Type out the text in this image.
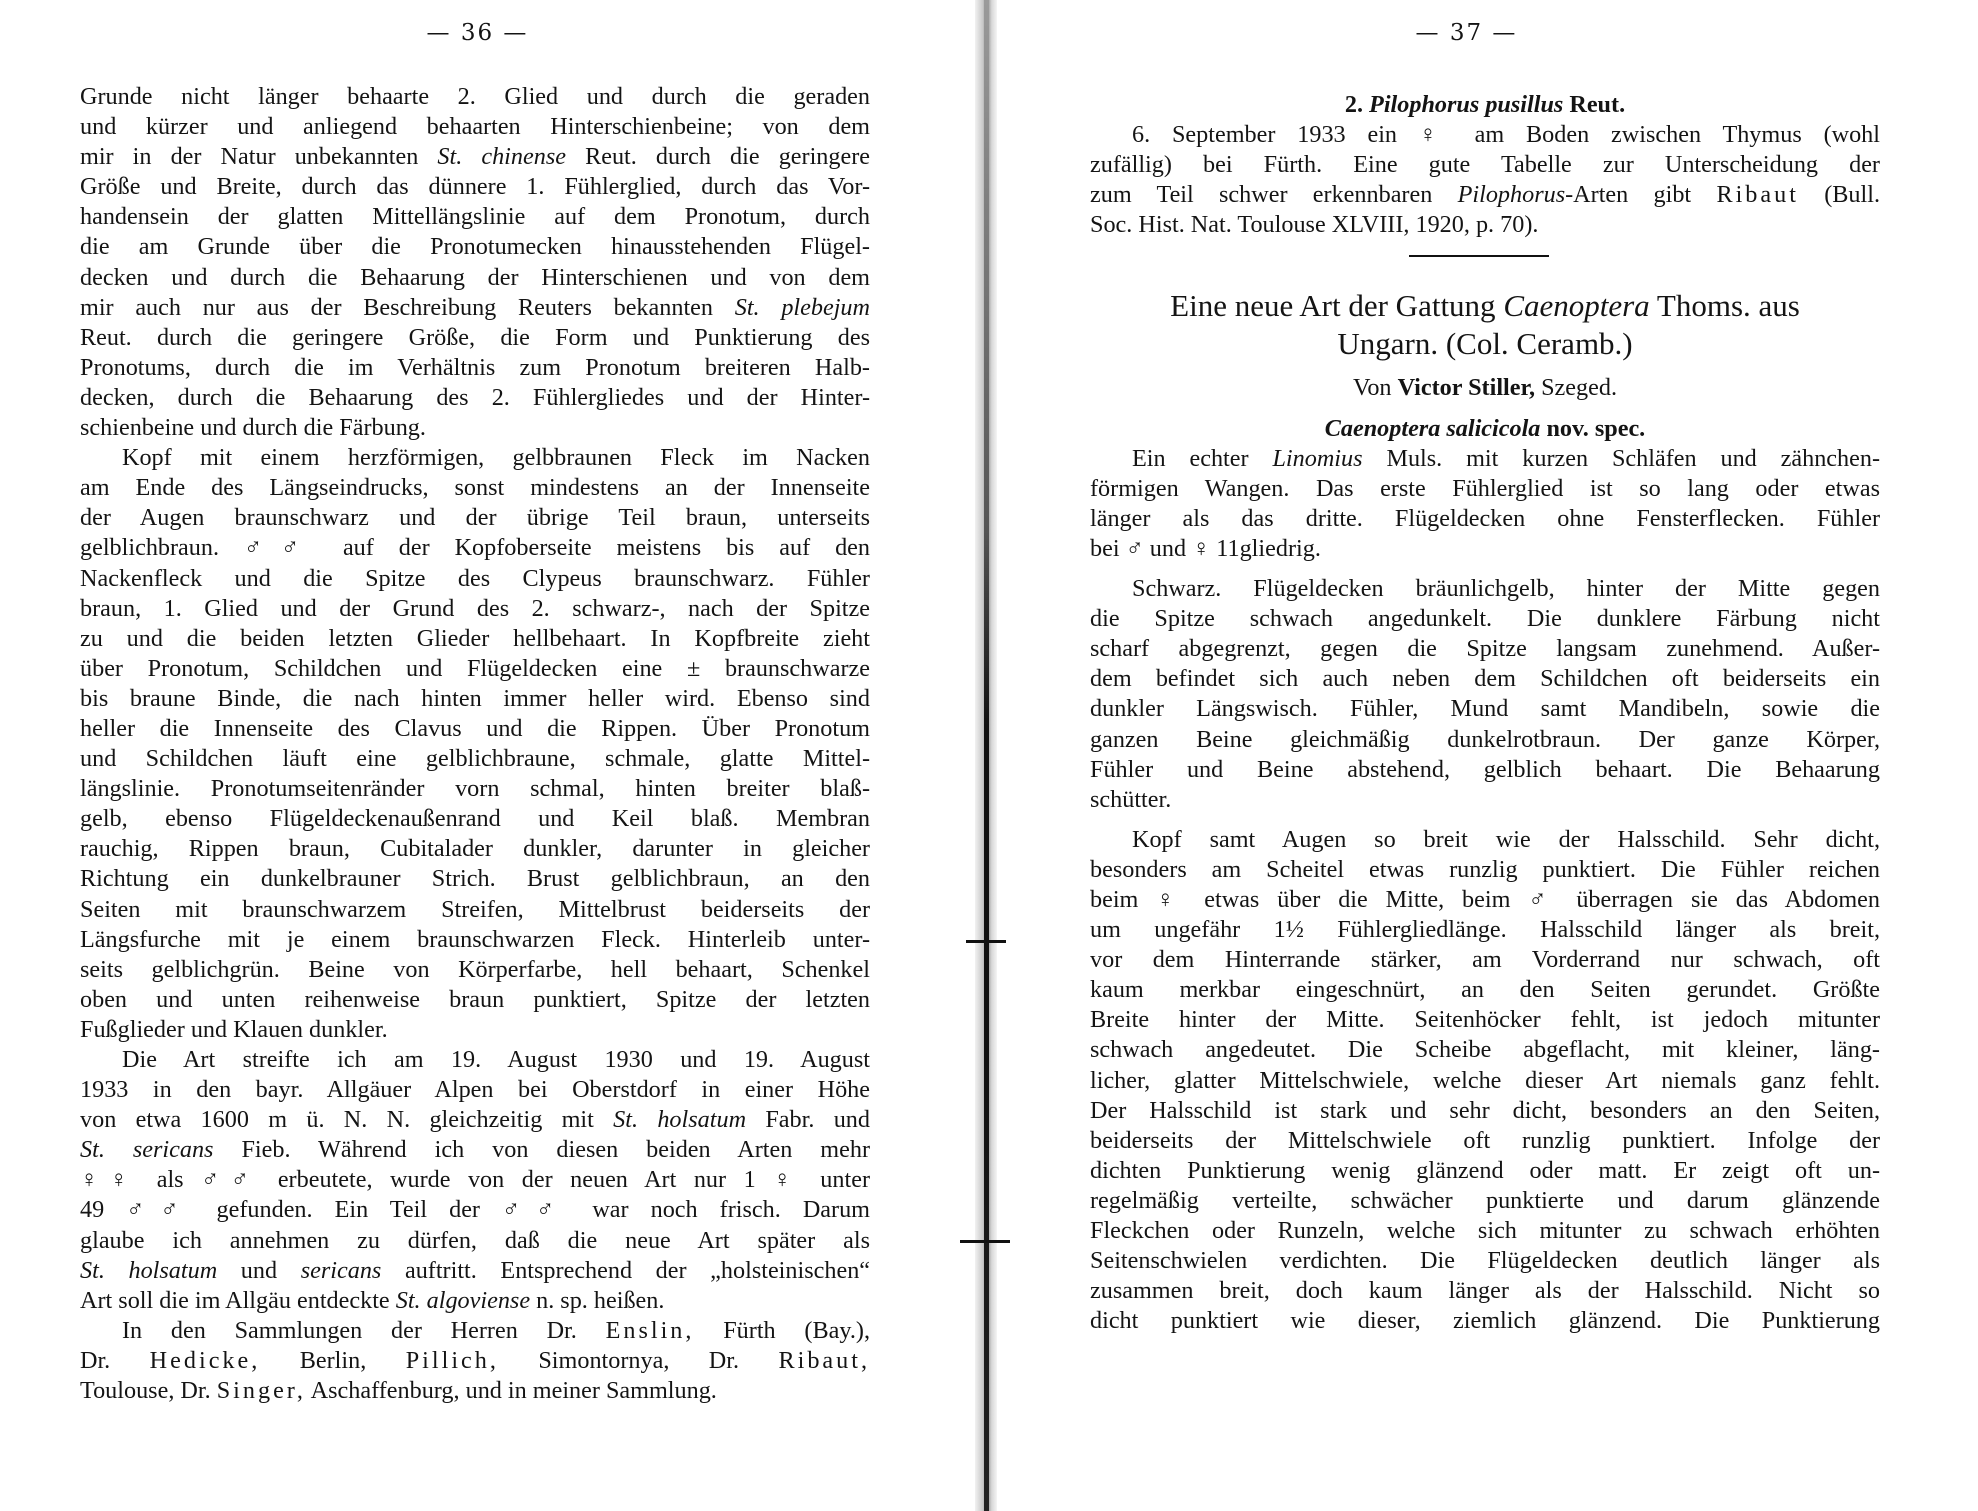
— 36 —
Grunde nicht länger behaarte 2. Glied und durch die geraden
und kürzer und anliegend behaarten Hinterschienbeine; von dem
mir in der Natur unbekannten St. chinense Reut. durch die geringere
Größe und Breite, durch das dünnere 1. Fühlerglied, durch das Vor-
handensein der glatten Mittellängslinie auf dem Pronotum, durch
die am Grunde über die Pronotumecken hinausstehenden Flügel-
decken und durch die Behaarung der Hinterschienen und von dem
mir auch nur aus der Beschreibung Reuters bekannten St. plebejum
Reut. durch die geringere Größe, die Form und Punktierung des
Pronotums, durch die im Verhältnis zum Pronotum breiteren Halb-
decken, durch die Behaarung des 2. Fühlergliedes und der Hinter-
schienbeine und durch die Färbung.
Kopf mit einem herzförmigen, gelbbraunen Fleck im Nacken
am Ende des Längseindrucks, sonst mindestens an der Innenseite
der Augen braunschwarz und der übrige Teil braun, unterseits
gelblichbraun. ♂♂ auf der Kopfoberseite meistens bis auf den
Nackenfleck und die Spitze des Clypeus braunschwarz. Fühler
braun, 1. Glied und der Grund des 2. schwarz-, nach der Spitze
zu und die beiden letzten Glieder hellbehaart. In Kopfbreite zieht
über Pronotum, Schildchen und Flügeldecken eine ± braunschwarze
bis braune Binde, die nach hinten immer heller wird. Ebenso sind
heller die Innenseite des Clavus und die Rippen. Über Pronotum
und Schildchen läuft eine gelblichbraune, schmale, glatte Mittel-
längslinie. Pronotumseitenränder vorn schmal, hinten breiter blaß-
gelb, ebenso Flügeldeckenaußenrand und Keil blaß. Membran
rauchig, Rippen braun, Cubitalader dunkler, darunter in gleicher
Richtung ein dunkelbrauner Strich. Brust gelblichbraun, an den
Seiten mit braunschwarzem Streifen, Mittelbrust beiderseits der
Längsfurche mit je einem braunschwarzen Fleck. Hinterleib unter-
seits gelblichgrün. Beine von Körperfarbe, hell behaart, Schenkel
oben und unten reihenweise braun punktiert, Spitze der letzten
Fußglieder und Klauen dunkler.
Die Art streifte ich am 19. August 1930 und 19. August
1933 in den bayr. Allgäuer Alpen bei Oberstdorf in einer Höhe
von etwa 1600 m ü. N. N. gleichzeitig mit St. holsatum Fabr. und
St. sericans Fieb. Während ich von diesen beiden Arten mehr
♀♀ als ♂♂ erbeutete, wurde von der neuen Art nur 1 ♀ unter
49 ♂♂ gefunden. Ein Teil der ♂♂ war noch frisch. Darum
glaube ich annehmen zu dürfen, daß die neue Art später als
St. holsatum und sericans auftritt. Entsprechend der „holsteinischen“
Art soll die im Allgäu entdeckte St. algoviense n. sp. heißen.
In den Sammlungen der Herren Dr. Enslin, Fürth (Bay.),
Dr. Hedicke, Berlin, Pillich, Simontornya, Dr. Ribaut,
Toulouse, Dr. Singer, Aschaffenburg, und in meiner Sammlung.
— 37 —
2. Pilophorus pusillus Reut.
6. September 1933 ein ♀ am Boden zwischen Thymus (wohl
zufällig) bei Fürth. Eine gute Tabelle zur Unterscheidung der
zum Teil schwer erkennbaren Pilophorus-Arten gibt Ribaut (Bull.
Soc. Hist. Nat. Toulouse XLVIII, 1920, p. 70).
Eine neue Art der Gattung Caenoptera Thoms. aus
Ungarn. (Col. Ceramb.)
Von Victor Stiller, Szeged.
Caenoptera salicicola nov. spec.
Ein echter Linomius Muls. mit kurzen Schläfen und zähnchen-
förmigen Wangen. Das erste Fühlerglied ist so lang oder etwas
länger als das dritte. Flügeldecken ohne Fensterflecken. Fühler
bei ♂ und ♀ 11gliedrig.
Schwarz. Flügeldecken bräunlichgelb, hinter der Mitte gegen
die Spitze schwach angedunkelt. Die dunklere Färbung nicht
scharf abgegrenzt, gegen die Spitze langsam zunehmend. Außer-
dem befindet sich auch neben dem Schildchen oft beiderseits ein
dunkler Längswisch. Fühler, Mund samt Mandibeln, sowie die
ganzen Beine gleichmäßig dunkelrotbraun. Der ganze Körper,
Fühler und Beine abstehend, gelblich behaart. Die Behaarung
schütter.
Kopf samt Augen so breit wie der Halsschild. Sehr dicht,
besonders am Scheitel etwas runzlig punktiert. Die Fühler reichen
beim ♀ etwas über die Mitte, beim ♂ überragen sie das Abdomen
um ungefähr 1½ Fühlergliedlänge. Halsschild länger als breit,
vor dem Hinterrande stärker, am Vorderrand nur schwach, oft
kaum merkbar eingeschnürt, an den Seiten gerundet. Größte
Breite hinter der Mitte. Seitenhöcker fehlt, ist jedoch mitunter
schwach angedeutet. Die Scheibe abgeflacht, mit kleiner, läng-
licher, glatter Mittelschwiele, welche dieser Art niemals ganz fehlt.
Der Halsschild ist stark und sehr dicht, besonders an den Seiten,
beiderseits der Mittelschwiele oft runzlig punktiert. Infolge der
dichten Punktierung wenig glänzend oder matt. Er zeigt oft un-
regelmäßig verteilte, schwächer punktierte und darum glänzende
Fleckchen oder Runzeln, welche sich mitunter zu schwach erhöhten
Seitenschwielen verdichten. Die Flügeldecken deutlich länger als
zusammen breit, doch kaum länger als der Halsschild. Nicht so
dicht punktiert wie dieser, ziemlich glänzend. Die Punktierung
